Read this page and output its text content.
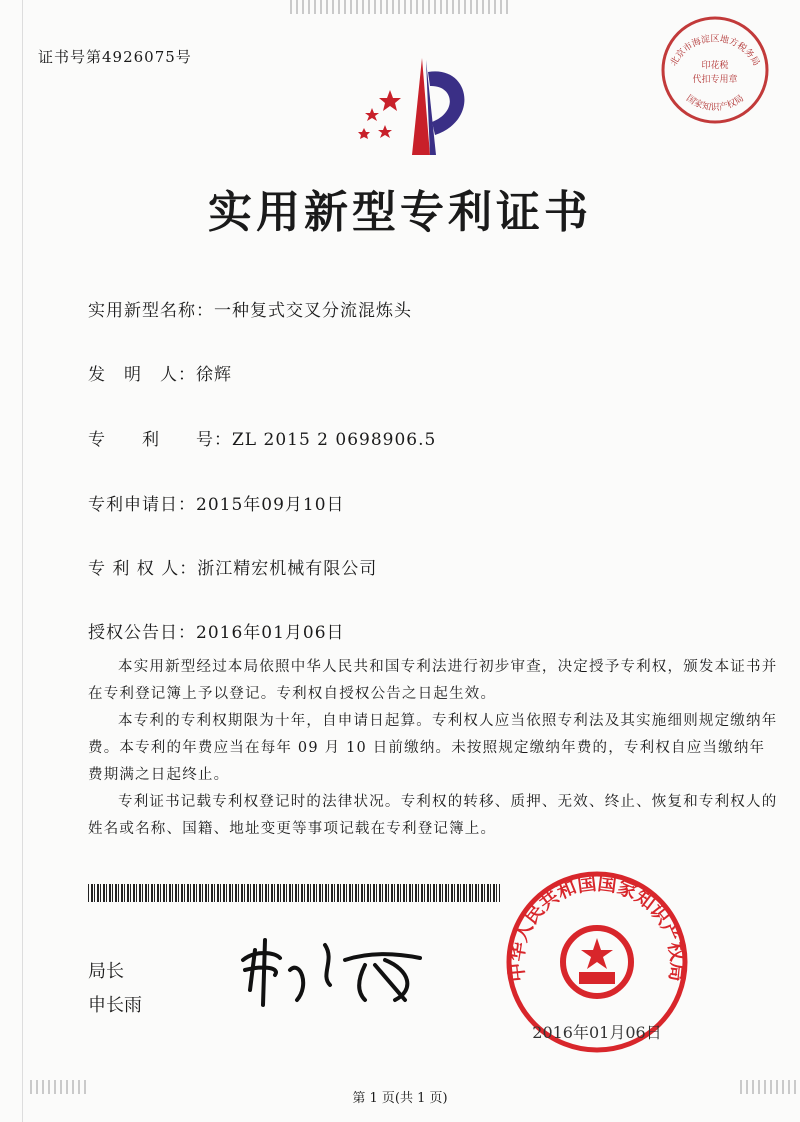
证书号第4926075号	北京市海淀区地方税务局
国家知识产权局
印花税
代扣专用章
实用新型专利证书
实用新型名称：一种复式交叉分流混炼头
发　明　人：徐辉
专　　利　　号：ZL 2015 2 0698906.5
专利申请日：2015年09月10日
专 利 权 人：浙江精宏机械有限公司
授权公告日：2016年01月06日

本实用新型经过本局依照中华人民共和国专利法进行初步审查，决定授予专利权，颁发本证书并在专利登记簿上予以登记。专利权自授权公告之日起生效。

本专利的专利权期限为十年，自申请日起算。专利权人应当依照专利法及其实施细则规定缴纳年费。本专利的年费应当在每年 09 月 10 日前缴纳。未按照规定缴纳年费的，专利权自应当缴纳年费期满之日起终止。

专利证书记载专利权登记时的法律状况。专利权的转移、质押、无效、终止、恢复和专利权人的姓名或名称、国籍、地址变更等事项记载在专利登记簿上。

局长
申长雨
中华人民共和国国家知识产权局
2016年01月06日
第 1 页(共 1 页)
